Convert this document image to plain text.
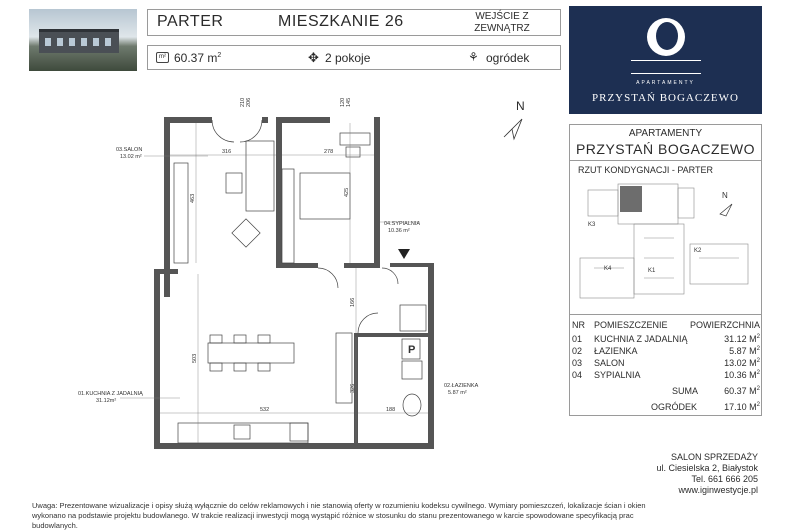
PARTER	MIESZKANIE 26	WEJŚCIE Z
ZEWNĄTRZ
m² 60.37 $m^2$	✥ 2 pokoje	⚘ ogródek
APARTAMENTY
PRZYSTAŃ BOGACZEWO
APARTAMENTY
PRZYSTAŃ BOGACZEWO
RZUT KONDYGNACJI - PARTER
K3
K4	K1
K2
N
NR POMIESZCZENIE POWIERZCHNIA
01 KUCHNIA Z JADALNIĄ	31.12 $M^2$
02 ŁAZIENKA	5.87 $M^2$
03 SALON	13.02 $M^2$
04 SYPIALNIA	10.36 $M^2$
SUMA	60.37 $M^2$
OGRÓDEK	17.10 $M^2$
SALON SPRZEDAŻY
ul. Ciesielska 2, Białystok
Tel. 661 666 205
www.iginwestycje.pl
Uwaga: Prezentowane wizualizacje i opisy służą wyłącznie do celów reklamowych i nie stanowią oferty w rozumieniu kodeksu cywilnego. Wymiary pomieszczeń, lokalizacje ścian i okien wykonano na podstawie projektu budowlanego. W trakcie realizacji inwestycji mogą wystąpić różnice w stosunku do stanu prezentowanego w karcie spowodowane specyfikacją prac budowlanych.
P
316	278
463
425
503
532
326
188
166
210 206	120 145
03.SALON
13.02 m²
04.SYPIALNIA
10.36 m²
01.KUCHNIA Z JADALNIĄ
31.12m²
02.ŁAZIENKA
5.87 m²
N
